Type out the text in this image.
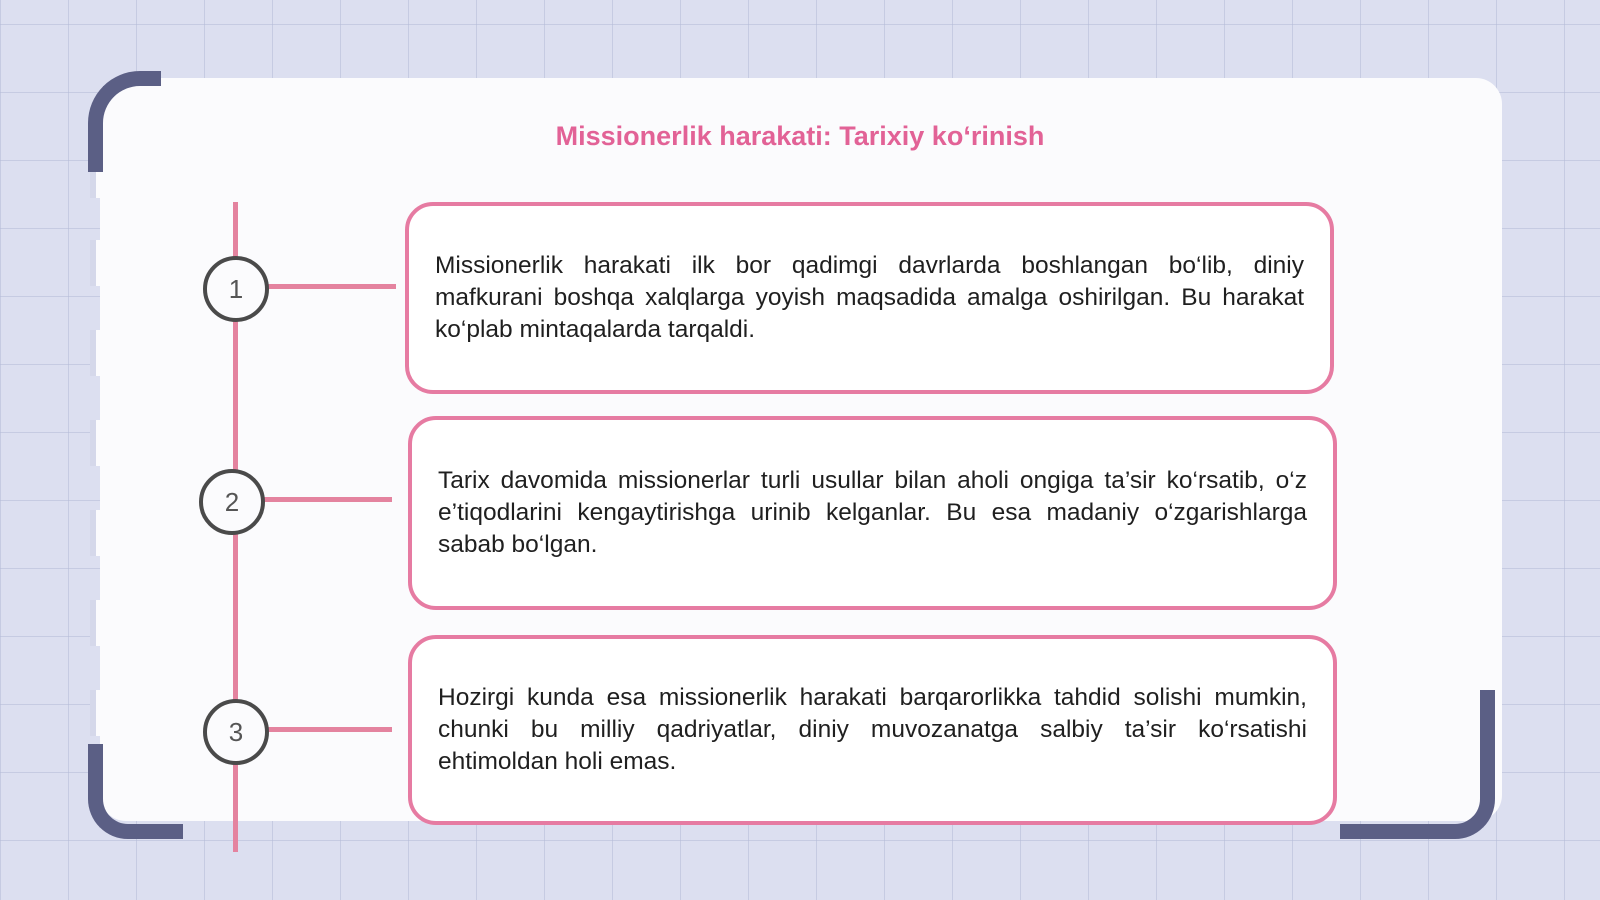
Missionerlik harakati: Tarixiy ko‘rinish
1

Missionerlik harakati ilk bor qadimgi davrlarda boshlangan bo‘lib, diniy mafkurani boshqa xalqlarga yoyish maqsadida amalga oshirilgan. Bu harakat ko‘plab mintaqalarda tarqaldi.

2

Tarix davomida missionerlar turli usullar bilan aholi ongiga ta’sir ko‘rsatib, o‘z e’tiqodlarini kengaytirishga urinib kelganlar. Bu esa madaniy o‘zgarishlarga sabab bo‘lgan.

3

Hozirgi kunda esa missionerlik harakati barqarorlikka tahdid solishi mumkin, chunki bu milliy qadriyatlar, diniy muvozanatga salbiy ta’sir ko‘rsatishi ehtimoldan holi emas.
